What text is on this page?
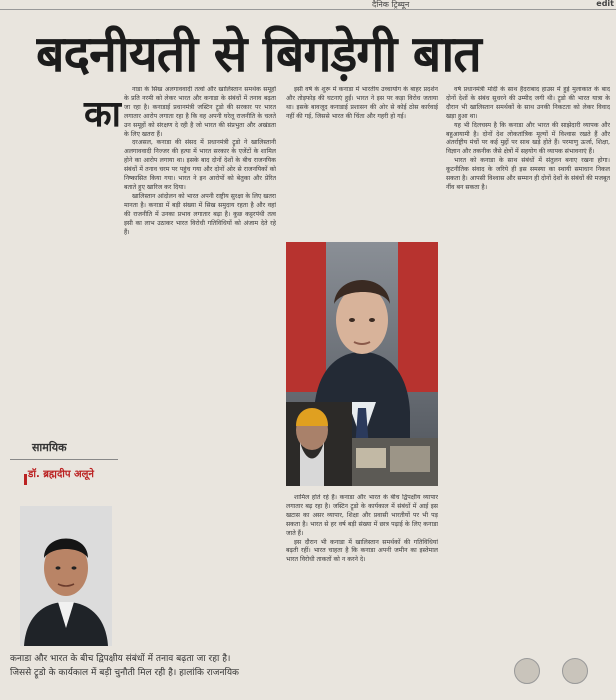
दैनिक ट्रिब्यून	edit
बदनीयती से बिगड़ेगी बात
का

नाडा के सिख अलगाववादी तत्वों और खालिस्तान समर्थक समूहों के प्रति नरमी को लेकर भारत और कनाडा के संबंधों में तनाव बढ़ता जा रहा है। कनाडाई प्रधानमंत्री जस्टिन ट्रूडो की सरकार पर भारत लगातार आरोप लगाता रहा है कि वह अपनी घरेलू राजनीति के चलते उन समूहों को संरक्षण दे रही है जो भारत की संप्रभुता और अखंडता के लिए खतरा हैं।

दरअसल, कनाडा की संसद में प्रधानमंत्री ट्रूडो ने खालिस्तानी अलगाववादी निज्जर की हत्या में भारत सरकार के एजेंटों के शामिल होने का आरोप लगाया था। इसके बाद दोनों देशों के बीच राजनयिक संबंधों में तनाव चरम पर पहुंच गया और दोनों ओर से राजनयिकों को निष्कासित किया गया। भारत ने इन आरोपों को बेतुका और प्रेरित बताते हुए खारिज कर दिया।

खालिस्तान आंदोलन को भारत अपनी राष्ट्रीय सुरक्षा के लिए खतरा मानता है। कनाडा में बड़ी संख्या में सिख समुदाय रहता है और वहां की राजनीति में उनका प्रभाव लगातार बढ़ा है। कुछ कट्टरपंथी तत्व इसी का लाभ उठाकर भारत विरोधी गतिविधियों को अंजाम देते रहे हैं।

इसी वर्ष के शुरू में कनाडा में भारतीय उच्चायोग के बाहर प्रदर्शन और तोड़फोड़ की घटनाएं हुईं। भारत ने इस पर कड़ा विरोध जताया था। इसके बावजूद कनाडाई प्रशासन की ओर से कोई ठोस कार्रवाई नहीं की गई, जिससे भारत की चिंता और गहरी हो गई।

शामिल होते रहे हैं। कनाडा और भारत के बीच द्विपक्षीय व्यापार लगातार बढ़ रहा है। जस्टिन ट्रूडो के कार्यकाल में संबंधों में आई इस खटास का असर व्यापार, शिक्षा और प्रवासी भारतीयों पर भी पड़ सकता है। भारत से हर वर्ष बड़ी संख्या में छात्र पढ़ाई के लिए कनाडा जाते हैं।

इस दौरान भी कनाडा में खालिस्तान समर्थकों की गतिविधियां बढ़ती रहीं। भारत चाहता है कि कनाडा अपनी जमीन का इस्तेमाल भारत विरोधी ताकतों को न करने दे।

वर्ष प्रधानमंत्री मोदी के साथ हैदराबाद हाउस में हुई मुलाकात के बाद दोनों देशों के संबंध सुधरने की उम्मीद जगी थी। ट्रूडो की भारत यात्रा के दौरान भी खालिस्तान समर्थकों के साथ उनकी निकटता को लेकर विवाद खड़ा हुआ था।

यह भी दिलचस्प है कि कनाडा और भारत की साझेदारी व्यापक और बहुआयामी है। दोनों देश लोकतांत्रिक मूल्यों में विश्वास रखते हैं और अंतर्राष्ट्रीय मंचों पर कई मुद्दों पर साथ खड़े होते हैं। परमाणु ऊर्जा, शिक्षा, विज्ञान और तकनीक जैसे क्षेत्रों में सहयोग की व्यापक संभावनाएं हैं।

भारत को कनाडा के साथ संबंधों में संतुलन बनाए रखना होगा। कूटनीतिक संवाद के जरिये ही इस समस्या का स्थायी समाधान निकल सकता है। आपसी विश्वास और सम्मान ही दोनों देशों के संबंधों की मजबूत नींव बन सकता है।

सामयिक
डॉ. ब्रह्मदीप अलूने
कनाडा और भारत के बीच द्विपक्षीय संबंधों में तनाव बढ़ता जा रहा है।
जिससे ट्रूडो के कार्यकाल में बड़ी चुनौती मिल रही है। हालांकि राजनयिक
